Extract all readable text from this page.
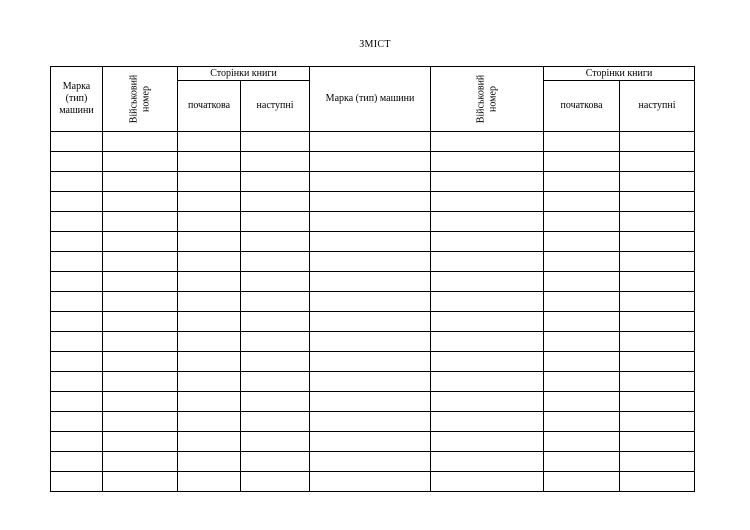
ЗМІСТ
Марка
(тип)
машини	Військовий номер	Сторінки книги		Марка (тип) машини	Військовий номер	Сторінки книги	
		початкова	наступні			початкова	наступні
